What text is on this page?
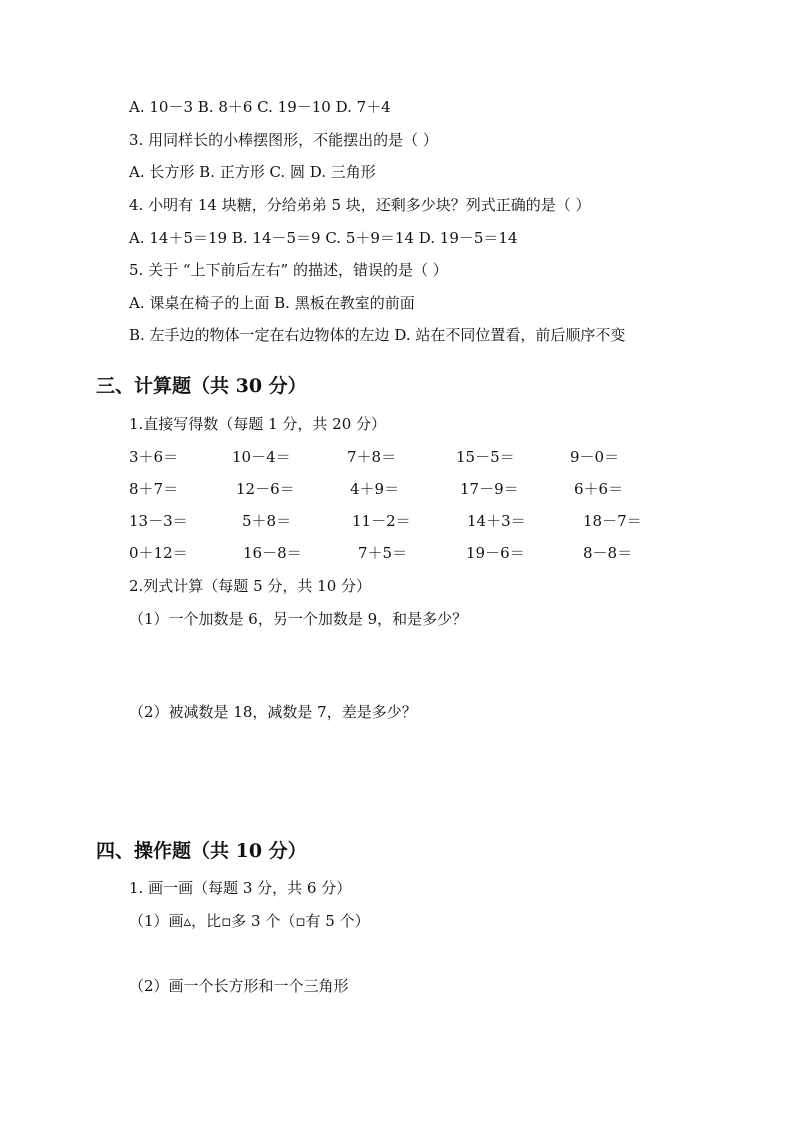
A. 10－3 B. 8＋6 C. 19－10 D. 7＋4
3. 用同样长的小棒摆图形，不能摆出的是（ ）
A. 长方形 B. 正方形 C. 圆 D. 三角形
4. 小明有 14 块糖，分给弟弟 5 块，还剩多少块？列式正确的是（ ）
A. 14＋5＝19 B. 14－5＝9 C. 5＋9＝14 D. 19－5＝14
5. 关于 “上下前后左右” 的描述，错误的是（ ）
A. 课桌在椅子的上面 B. 黑板在教室的前面
B. 左手边的物体一定在右边物体的左边 D. 站在不同位置看，前后顺序不变
三、计算题（共 30 分）
1.直接写得数（每题 1 分，共 20 分）
3＋6＝	10－4＝	7＋8＝	15－5＝	9－0＝
8＋7＝	12－6＝	4＋9＝	17－9＝	6＋6＝
13－3＝	5＋8＝	11－2＝	14＋3＝	18－7＝
0＋12＝	16－8＝	7＋5＝	19－6＝	8－8＝
2.列式计算（每题 5 分，共 10 分）
（1）一个加数是 6，另一个加数是 9，和是多少？
（2）被减数是 18，减数是 7，差是多少？
四、操作题（共 10 分）
1. 画一画（每题 3 分，共 6 分）
（1）画▵，比▫多 3 个（▫有 5 个）
（2）画一个长方形和一个三角形
